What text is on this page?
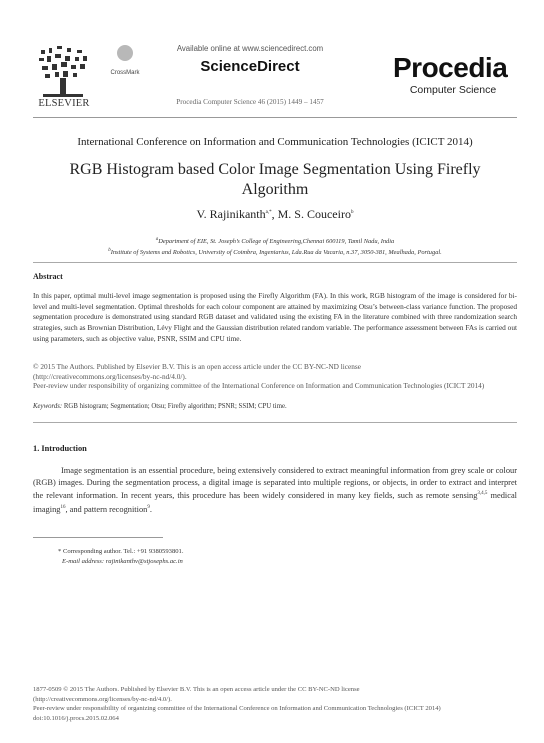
ELSEVIER
CrossMark
Available online at www.sciencedirect.com
ScienceDirect
Procedia Computer Science 46 (2015) 1449 – 1457
Procedia
Computer Science
International Conference on Information and Communication Technologies (ICICT 2014)
RGB Histogram based Color Image Segmentation Using Firefly Algorithm
V. Rajinikanth$^{a,*}$, M. S. Couceiro$^b$
$^a$Department of EIE, St. Joseph’s College of Engineering,Chennai 600119, Tamil Nadu, India
$^b$Institute of Systems and Robotics, University of Coimbra, Ingeniarius, Lda.Rua da Vacaria, n.37, 3050-381, Mealhada, Portugal.
Abstract
In this paper, optimal multi-level image segmentation is proposed using the Firefly Algorithm (FA). In this work, RGB histogram of the image is considered for bi-level and multi-level segmentation. Optimal thresholds for each colour component are attained by maximizing Otsu’s between-class variance function. The proposed segmentation procedure is demonstrated using standard RGB dataset and validated using the existing FA in the literature combined with three randomization search strategies, such as Brownian Distribution, Lévy Flight and the Gaussian distribution related random variable. The performance assessment between FAs is carried out using parameters, such as objective value, PSNR, SSIM and CPU time.
© 2015 The Authors. Published by Elsevier B.V. This is an open access article under the CC BY-NC-ND license
(http://creativecommons.org/licenses/by-nc-nd/4.0/).
Peer-review under responsibility of organizing committee of the International Conference on Information and Communication Technologies (ICICT 2014)
Keywords: RGB histogram; Segmentation; Otsu; Firefly algorithm; PSNR; SSIM; CPU time.
1. Introduction
Image segmentation is an essential procedure, being extensively considered to extract meaningful information from grey scale or colour (RGB) images. During the segmentation process, a digital image is separated into multiple regions, or objects, in order to extract and interpret the relevant information. In recent years, this procedure has been widely considered in many key fields, such as remote sensing$^{3,4,5}$ medical imaging$^{16}$, and pattern recognition$^9$.
* Corresponding author. Tel.: +91 9380593801.
E-mail address: rajinikanthv@stjosephs.ac.in
1877-0509 © 2015 The Authors. Published by Elsevier B.V. This is an open access article under the CC BY-NC-ND license
(http://creativecommons.org/licenses/by-nc-nd/4.0/).
Peer-review under responsibility of organizing committee of the International Conference on Information and Communication Technologies (ICICT 2014)
doi:10.1016/j.procs.2015.02.064
